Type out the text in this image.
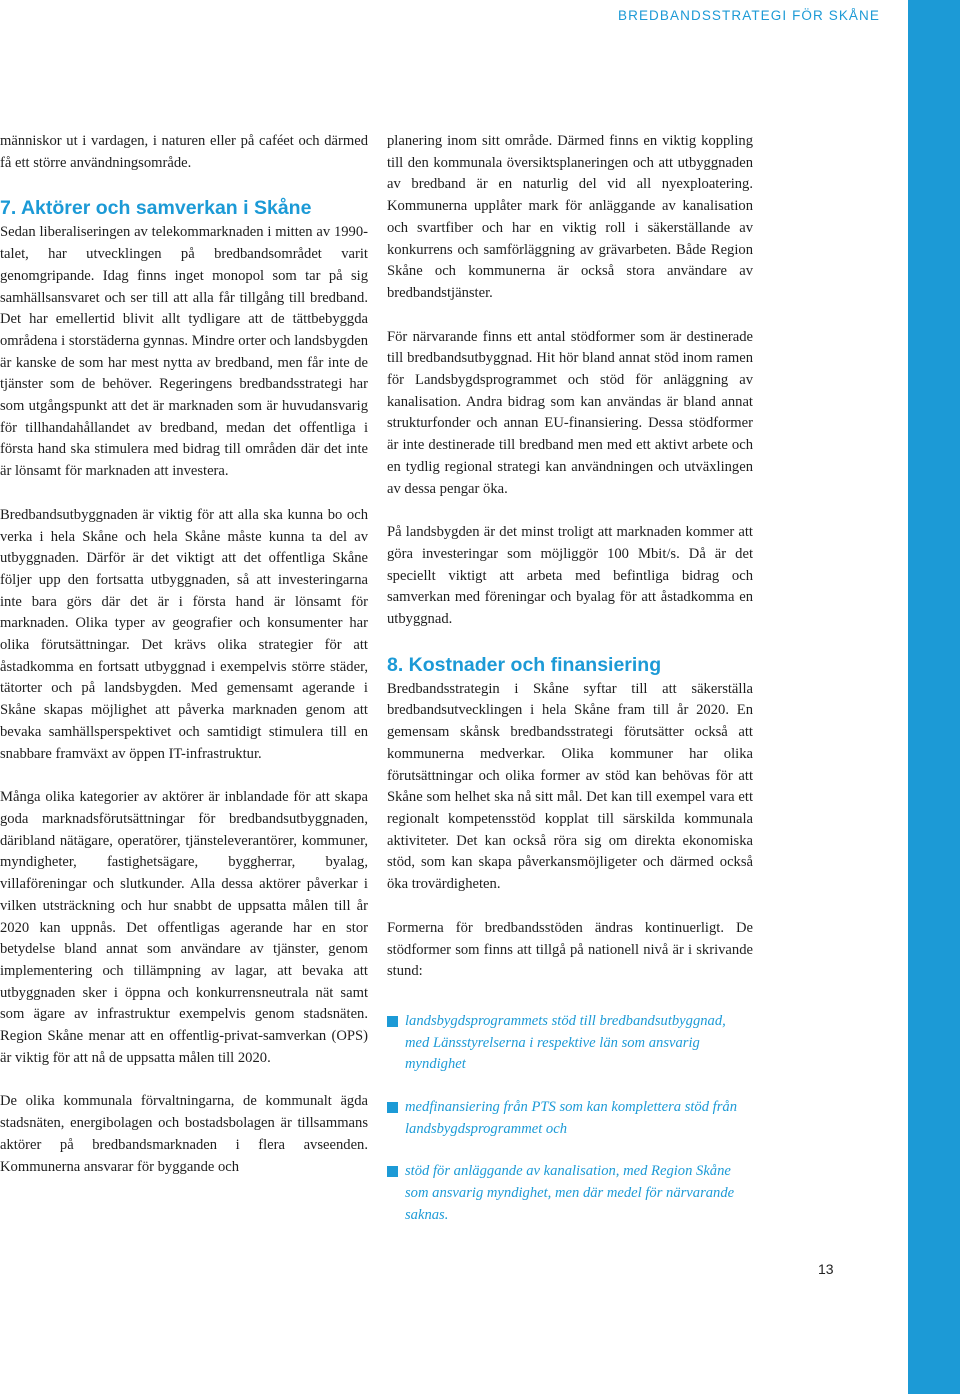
BREDBANDSSTRATEGI FÖR SKÅNE

människor ut i vardagen, i naturen eller på caféet och därmed få ett större användningsområde.

7. Aktörer och samverkan i Skåne

Sedan liberaliseringen av telekommarknaden i mitten av 1990-talet, har utvecklingen på bredbandsområdet varit genomgripande. Idag finns inget monopol som tar på sig samhällsansvaret och ser till att alla får tillgång till bredband. Det har emellertid blivit allt tydligare att de tättbebyggda områdena i storstäderna gynnas. Mindre orter och landsbygden är kanske de som har mest nytta av bredband, men får inte de tjänster som de behöver. Regeringens bredbandsstrategi har som utgångspunkt att det är marknaden som är huvudansvarig för tillhandahållandet av bredband, medan det offentliga i första hand ska stimulera med bidrag till områden där det inte är lönsamt för marknaden att investera.

Bredbandsutbyggnaden är viktig för att alla ska kunna bo och verka i hela Skåne och hela Skåne måste kunna ta del av utbyggnaden. Därför är det viktigt att det offentliga Skåne följer upp den fortsatta utbyggnaden, så att investeringarna inte bara görs där det är i första hand är lönsamt för marknaden. Olika typer av geografier och konsumenter har olika förutsättningar. Det krävs olika strategier för att åstadkomma en fortsatt utbyggnad i exempelvis större städer, tätorter och på landsbygden. Med gemensamt agerande i Skåne skapas möjlighet att påverka marknaden genom att bevaka samhällsperspektivet och samtidigt stimulera till en snabbare framväxt av öppen IT-infrastruktur.

Många olika kategorier av aktörer är inblandade för att skapa goda marknadsförutsättningar för bredbandsutbyggnaden, däribland nätägare, operatörer, tjänsteleverantörer, kommuner, myndigheter, fastighetsägare, byggherrar, byalag, villaföreningar och slutkunder. Alla dessa aktörer påverkar i vilken utsträckning och hur snabbt de uppsatta målen till år 2020 kan uppnås. Det offentligas agerande har en stor betydelse bland annat som användare av tjänster, genom implementering och tillämpning av lagar, att bevaka att utbyggnaden sker i öppna och konkurrensneutrala nät samt som ägare av infrastruktur exempelvis genom stadsnäten. Region Skåne menar att en offentlig-privat-samverkan (OPS) är viktig för att nå de uppsatta målen till 2020.

De olika kommunala förvaltningarna, de kommunalt ägda stadsnäten, energibolagen och bostadsbolagen är tillsammans aktörer på bredbandsmarknaden i flera avseenden. Kommunerna ansvarar för byggande och

planering inom sitt område. Därmed finns en viktig koppling till den kommunala översiktsplaneringen och att utbyggnaden av bredband är en naturlig del vid all nyexploatering. Kommunerna upplåter mark för anläggande av kanalisation och svartfiber och har en viktig roll i säkerställande av konkurrens och samförläggning av grävarbeten. Både Region Skåne och kommunerna är också stora användare av bredbandstjänster.

För närvarande finns ett antal stödformer som är destinerade till bredbandsutbyggnad. Hit hör bland annat stöd inom ramen för Landsbygdsprogrammet och stöd för anläggning av kanalisation. Andra bidrag som kan användas är bland annat strukturfonder och annan EU-finansiering. Dessa stödformer är inte destinerade till bredband men med ett aktivt arbete och en tydlig regional strategi kan användningen och utväxlingen av dessa pengar öka.

På landsbygden är det minst troligt att marknaden kommer att göra investeringar som möjliggör 100 Mbit/s. Då är det speciellt viktigt att arbeta med befintliga bidrag och samverkan med föreningar och byalag för att åstadkomma en utbyggnad.

8. Kostnader och finansiering

Bredbandsstrategin i Skåne syftar till att säkerställa bredbandsutvecklingen i hela Skåne fram till år 2020. En gemensam skånsk bredbandsstrategi förutsätter också att kommunerna medverkar. Olika kommuner har olika förutsättningar och olika former av stöd kan behövas för att Skåne som helhet ska nå sitt mål. Det kan till exempel vara ett regionalt kompetensstöd kopplat till särskilda kommunala aktiviteter. Det kan också röra sig om direkta ekonomiska stöd, som kan skapa påverkansmöjligeter och därmed också öka trovärdigheten.

Formerna för bredbandsstöden ändras kontinuerligt. De stödformer som finns att tillgå på nationell nivå är i skrivande stund:

landsbygdsprogrammets stöd till bredbandsutbyggnad, med Länsstyrelserna i respektive län som ansvarig myndighet
medfinansiering från PTS som kan komplettera stöd från landsbygdsprogrammet och
stöd för anläggande av kanalisation, med Region Skåne som ansvarig myndighet, men där medel för närvarande saknas.
13
